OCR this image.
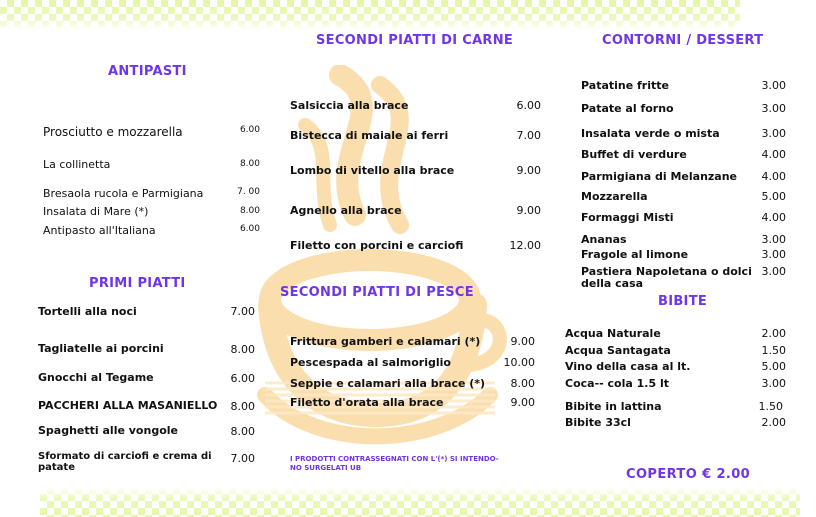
ANTIPASTI
PRIMI PIATTI
SECONDI PIATTI DI CARNE
SECONDI PIATTI DI PESCE
CONTORNI / DESSERT
BIBITE
Prosciutto e mozzarella	6.00
La collinetta	8.00
Bresaola rucola e Parmigiana	7. 00
Insalata di Mare (*)	8.00
Antipasto all'Italiana	6.00
Tortelli alla noci	7.00
Tagliatelle ai porcini	8.00
Gnocchi al Tegame	6.00
PACCHERI ALLA MASANIELLO	8.00
Spaghetti alle vongole	8.00
Sformato di carciofi e crema di
patate
7.00
Salsiccia alla brace	6.00
Bistecca di maiale ai ferri	7.00
Lombo di vitello alla brace	9.00
Agnello alla brace	9.00
Filetto con porcini e carciofi	12.00
Frittura gamberi e calamari (*)	9.00
Pescespada al salmoriglio	10.00
Seppie e calamari alla brace (*)	8.00
Filetto d'orata alla brace	9.00
I PRODOTTI CONTRASSEGNATI CON L'(*) SI INTENDO-
NO SURGELATI UB
Patatine fritte	3.00
Patate al forno	3.00
Insalata verde o mista	3.00
Buffet di verdure	4.00
Parmigiana di Melanzane	4.00
Mozzarella	5.00
Formaggi Misti	4.00
Ananas	3.00
Fragole al limone	3.00
Pastiera Napoletana o dolci
della casa
3.00
Acqua Naturale	2.00
Acqua Santagata	1.50
Vino della casa al lt.	5.00
Coca-- cola 1.5 lt	3.00
Bibite in lattina	1.50
Bibite 33cl	2.00
COPERTO € 2.00
